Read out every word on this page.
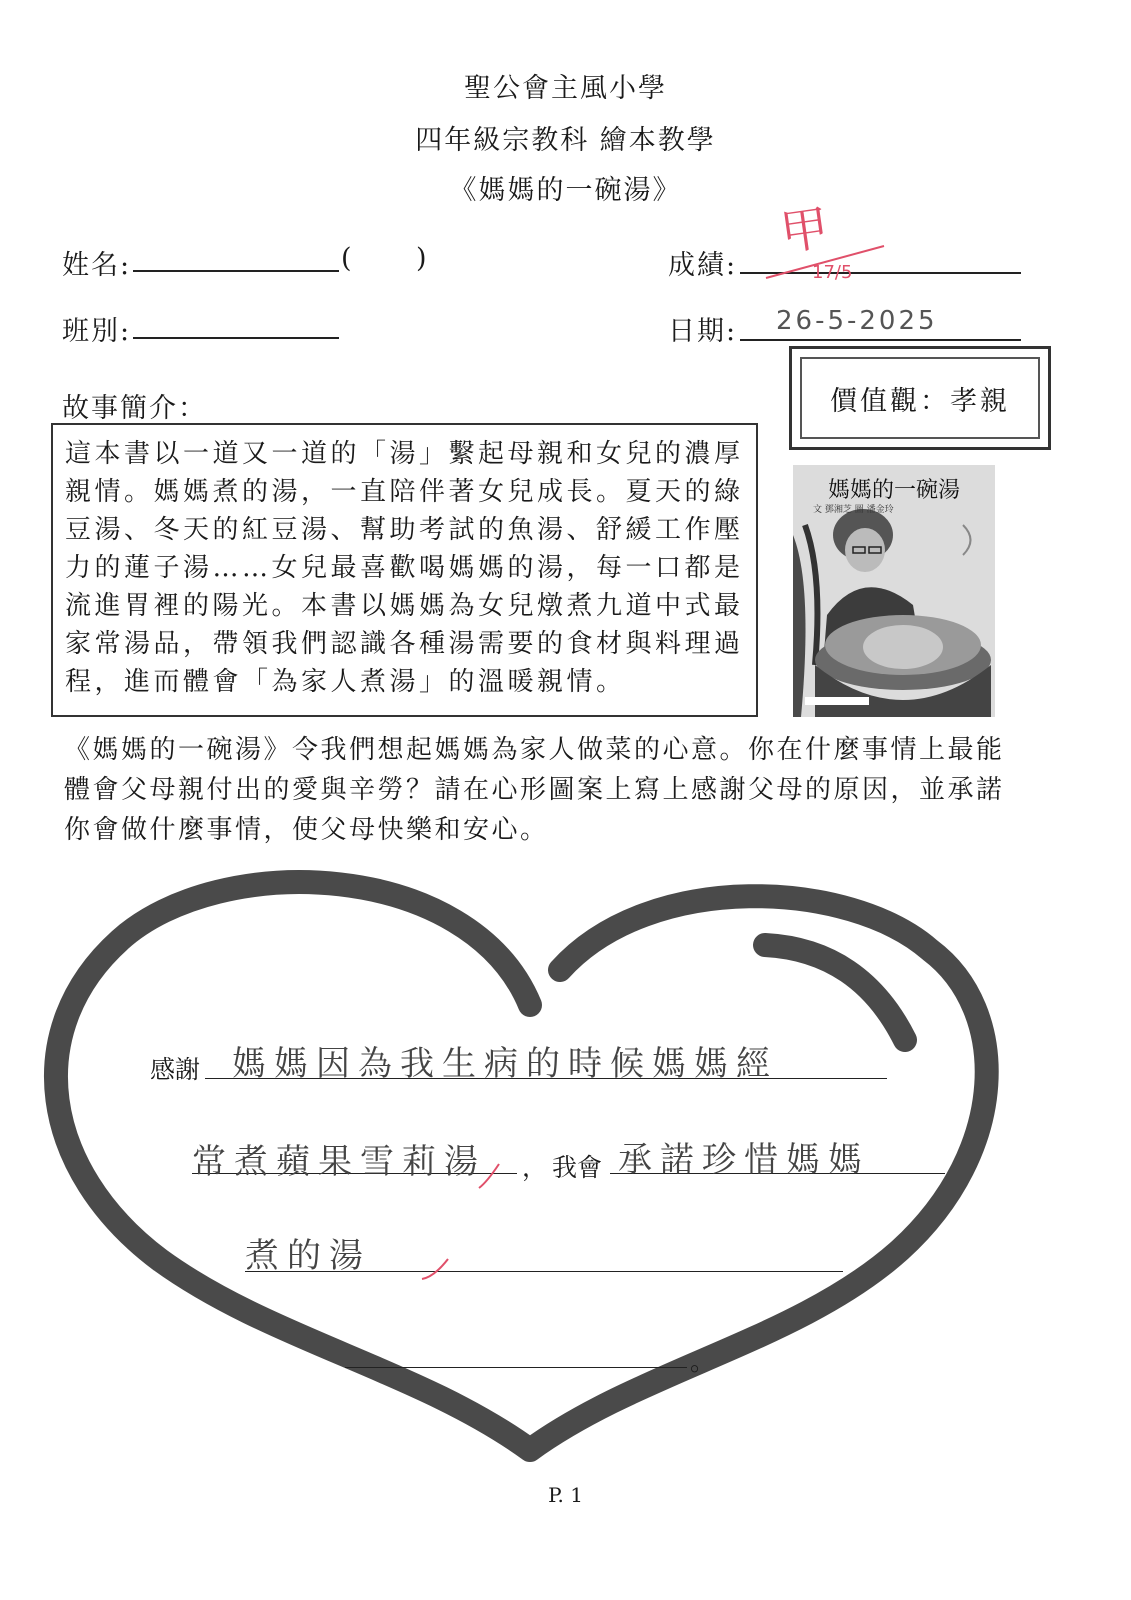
聖公會主風小學
四年級宗教科 繪本教學
《媽媽的一碗湯》
姓名:	( )	成績:
甲
17/5
班別:	日期: 26-5-2025
價值觀：孝親
故事簡介：
這本書以一道又一道的「湯」繫起母親和女兒的濃厚
親情。媽媽煮的湯，一直陪伴著女兒成長。夏天的綠
豆湯、冬天的紅豆湯、幫助考試的魚湯、舒緩工作壓
力的蓮子湯……女兒最喜歡喝媽媽的湯，每一口都是
流進胃裡的陽光。本書以媽媽為女兒燉煮九道中式最
家常湯品，帶領我們認識各種湯需要的食材與料理過
程，進而體會「為家人煮湯」的溫暖親情。
媽媽的一碗湯
文 鄧湘芝 圖 潘金玲
《媽媽的一碗湯》令我們想起媽媽為家人做菜的心意。你在什麼事情上最能
體會父母親付出的愛與辛勞？請在心形圖案上寫上感謝父母的原因，並承諾
你會做什麼事情，使父母快樂和安心。
感謝 媽媽因為我生病的時候媽媽經
常煮蘋果雪莉湯 ， 我會 承諾珍惜媽媽
煮的湯
。
P. 1
